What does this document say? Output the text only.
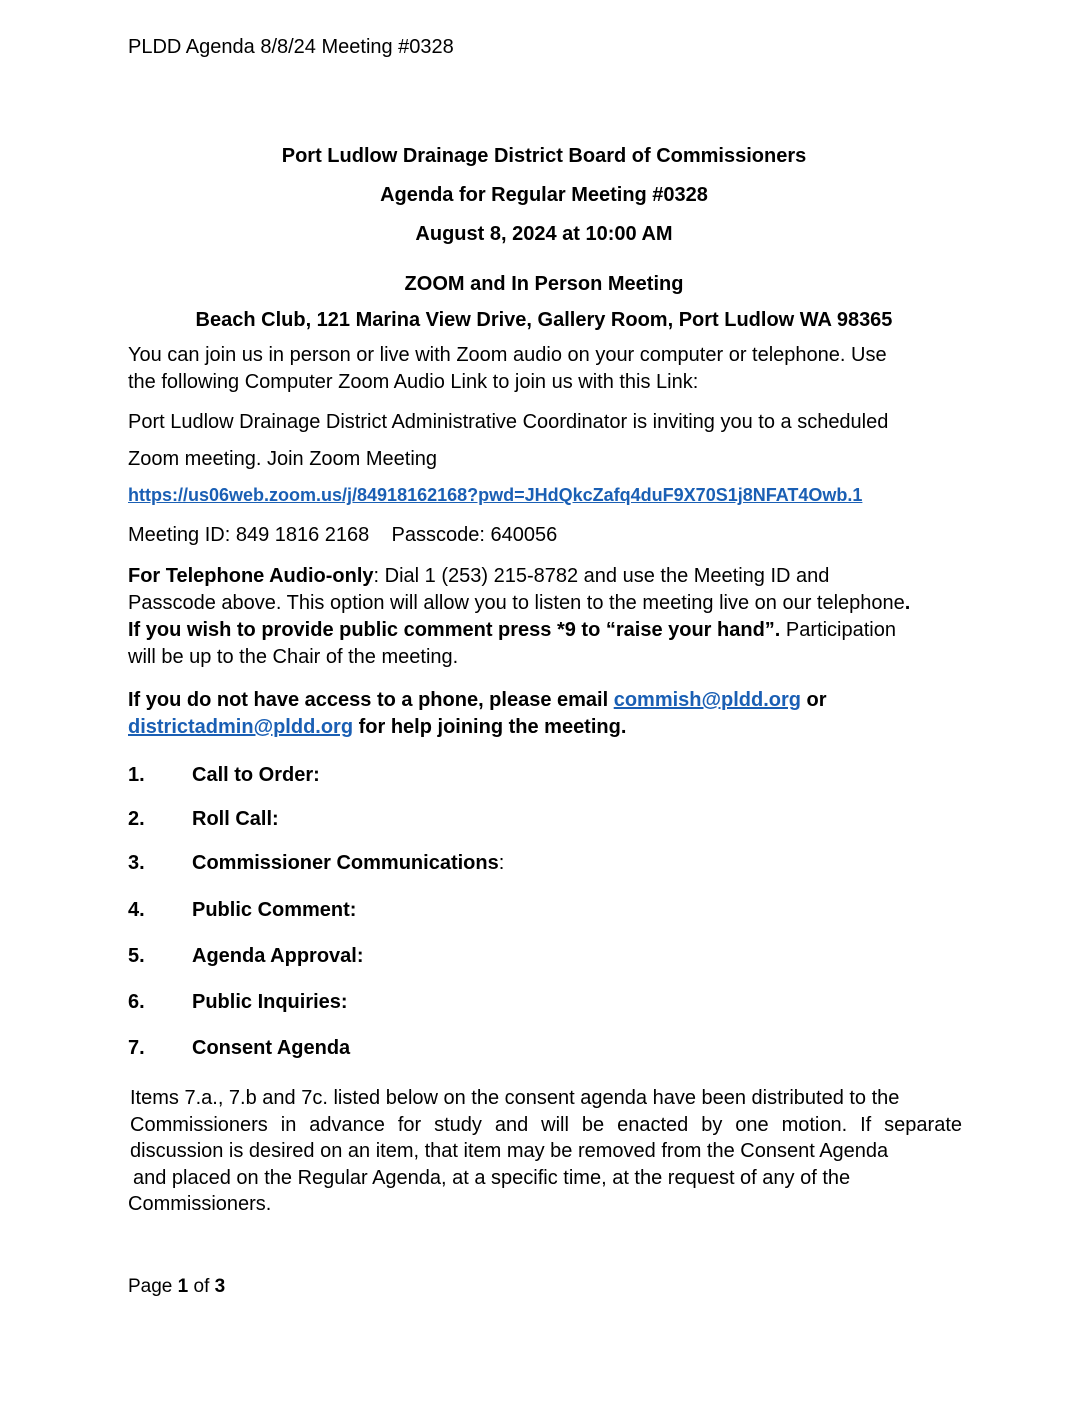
PLDD Agenda 8/8/24 Meeting #0328
Port Ludlow Drainage District Board of Commissioners
Agenda for Regular Meeting #0328
August 8, 2024 at 10:00 AM
ZOOM and In Person Meeting
Beach Club, 121 Marina View Drive, Gallery Room, Port Ludlow WA 98365
You can join us in person or live with Zoom audio on your computer or telephone. Use
the following Computer Zoom Audio Link to join us with this Link:
Port Ludlow Drainage District Administrative Coordinator is inviting you to a scheduled
Zoom meeting. Join Zoom Meeting
https://us06web.zoom.us/j/84918162168?pwd=JHdQkcZafq4duF9X70S1j8NFAT4Owb.1
Meeting ID: 849 1816 2168 Passcode: 640056
For Telephone Audio-only: Dial 1 (253) 215-8782 and use the Meeting ID and
Passcode above. This option will allow you to listen to the meeting live on our telephone.
If you wish to provide public comment press *9 to “raise your hand”. Participation
will be up to the Chair of the meeting.
If you do not have access to a phone, please email commish@pldd.org or
districtadmin@pldd.org for help joining the meeting.
1. Call to Order:
2. Roll Call:
3. Commissioner Communications:
4. Public Comment:
5. Agenda Approval:
6. Public Inquiries:
7. Consent Agenda
Items 7.a., 7.b and 7c. listed below on the consent agenda have been distributed to the
Commissioners in advance for study and will be enacted by one motion. If separate
discussion is desired on an item, that item may be removed from the Consent Agenda
and placed on the Regular Agenda, at a specific time, at the request of any of the
Commissioners.
Page 1 of 3
